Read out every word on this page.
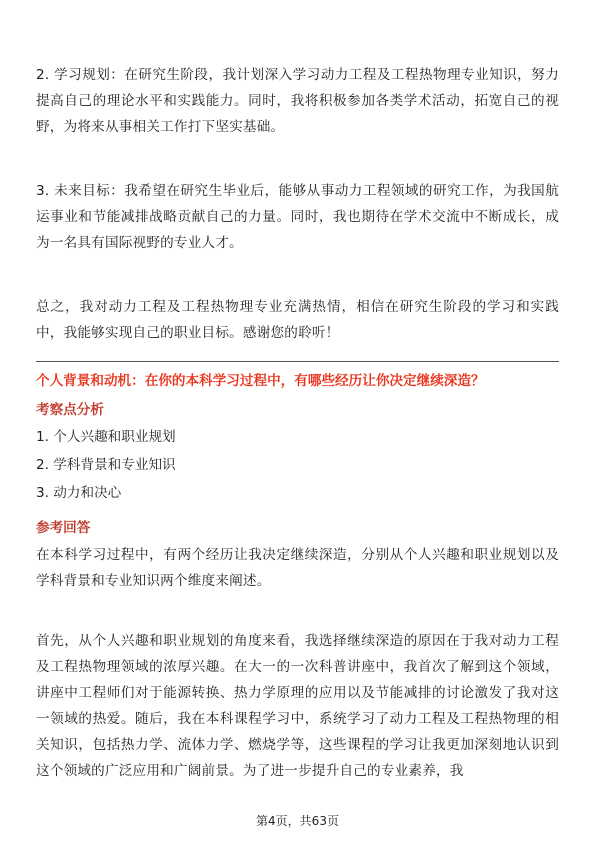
2. 学习规划：在研究生阶段，我计划深入学习动力工程及工程热物理专业知识，努力提高自己的理论水平和实践能力。同时，我将积极参加各类学术活动，拓宽自己的视野，为将来从事相关工作打下坚实基础。

3. 未来目标：我希望在研究生毕业后，能够从事动力工程领域的研究工作，为我国航运事业和节能减排战略贡献自己的力量。同时，我也期待在学术交流中不断成长，成为一名具有国际视野的专业人才。

总之，我对动力工程及工程热物理专业充满热情，相信在研究生阶段的学习和实践中，我能够实现自己的职业目标。感谢您的聆听！

个人背景和动机：在你的本科学习过程中，有哪些经历让你决定继续深造？

考察点分析

1. 个人兴趣和职业规划

2. 学科背景和专业知识

3. 动力和决心

参考回答

在本科学习过程中，有两个经历让我决定继续深造，分别从个人兴趣和职业规划以及学科背景和专业知识两个维度来阐述。

首先，从个人兴趣和职业规划的角度来看，我选择继续深造的原因在于我对动力工程及工程热物理领域的浓厚兴趣。在大一的一次科普讲座中，我首次了解到这个领域，讲座中工程师们对于能源转换、热力学原理的应用以及节能减排的讨论激发了我对这一领域的热爱。随后，我在本科课程学习中，系统学习了动力工程及工程热物理的相关知识，包括热力学、流体力学、燃烧学等，这些课程的学习让我更加深刻地认识到这个领域的广泛应用和广阔前景。为了进一步提升自己的专业素养，我

第4页，共63页
